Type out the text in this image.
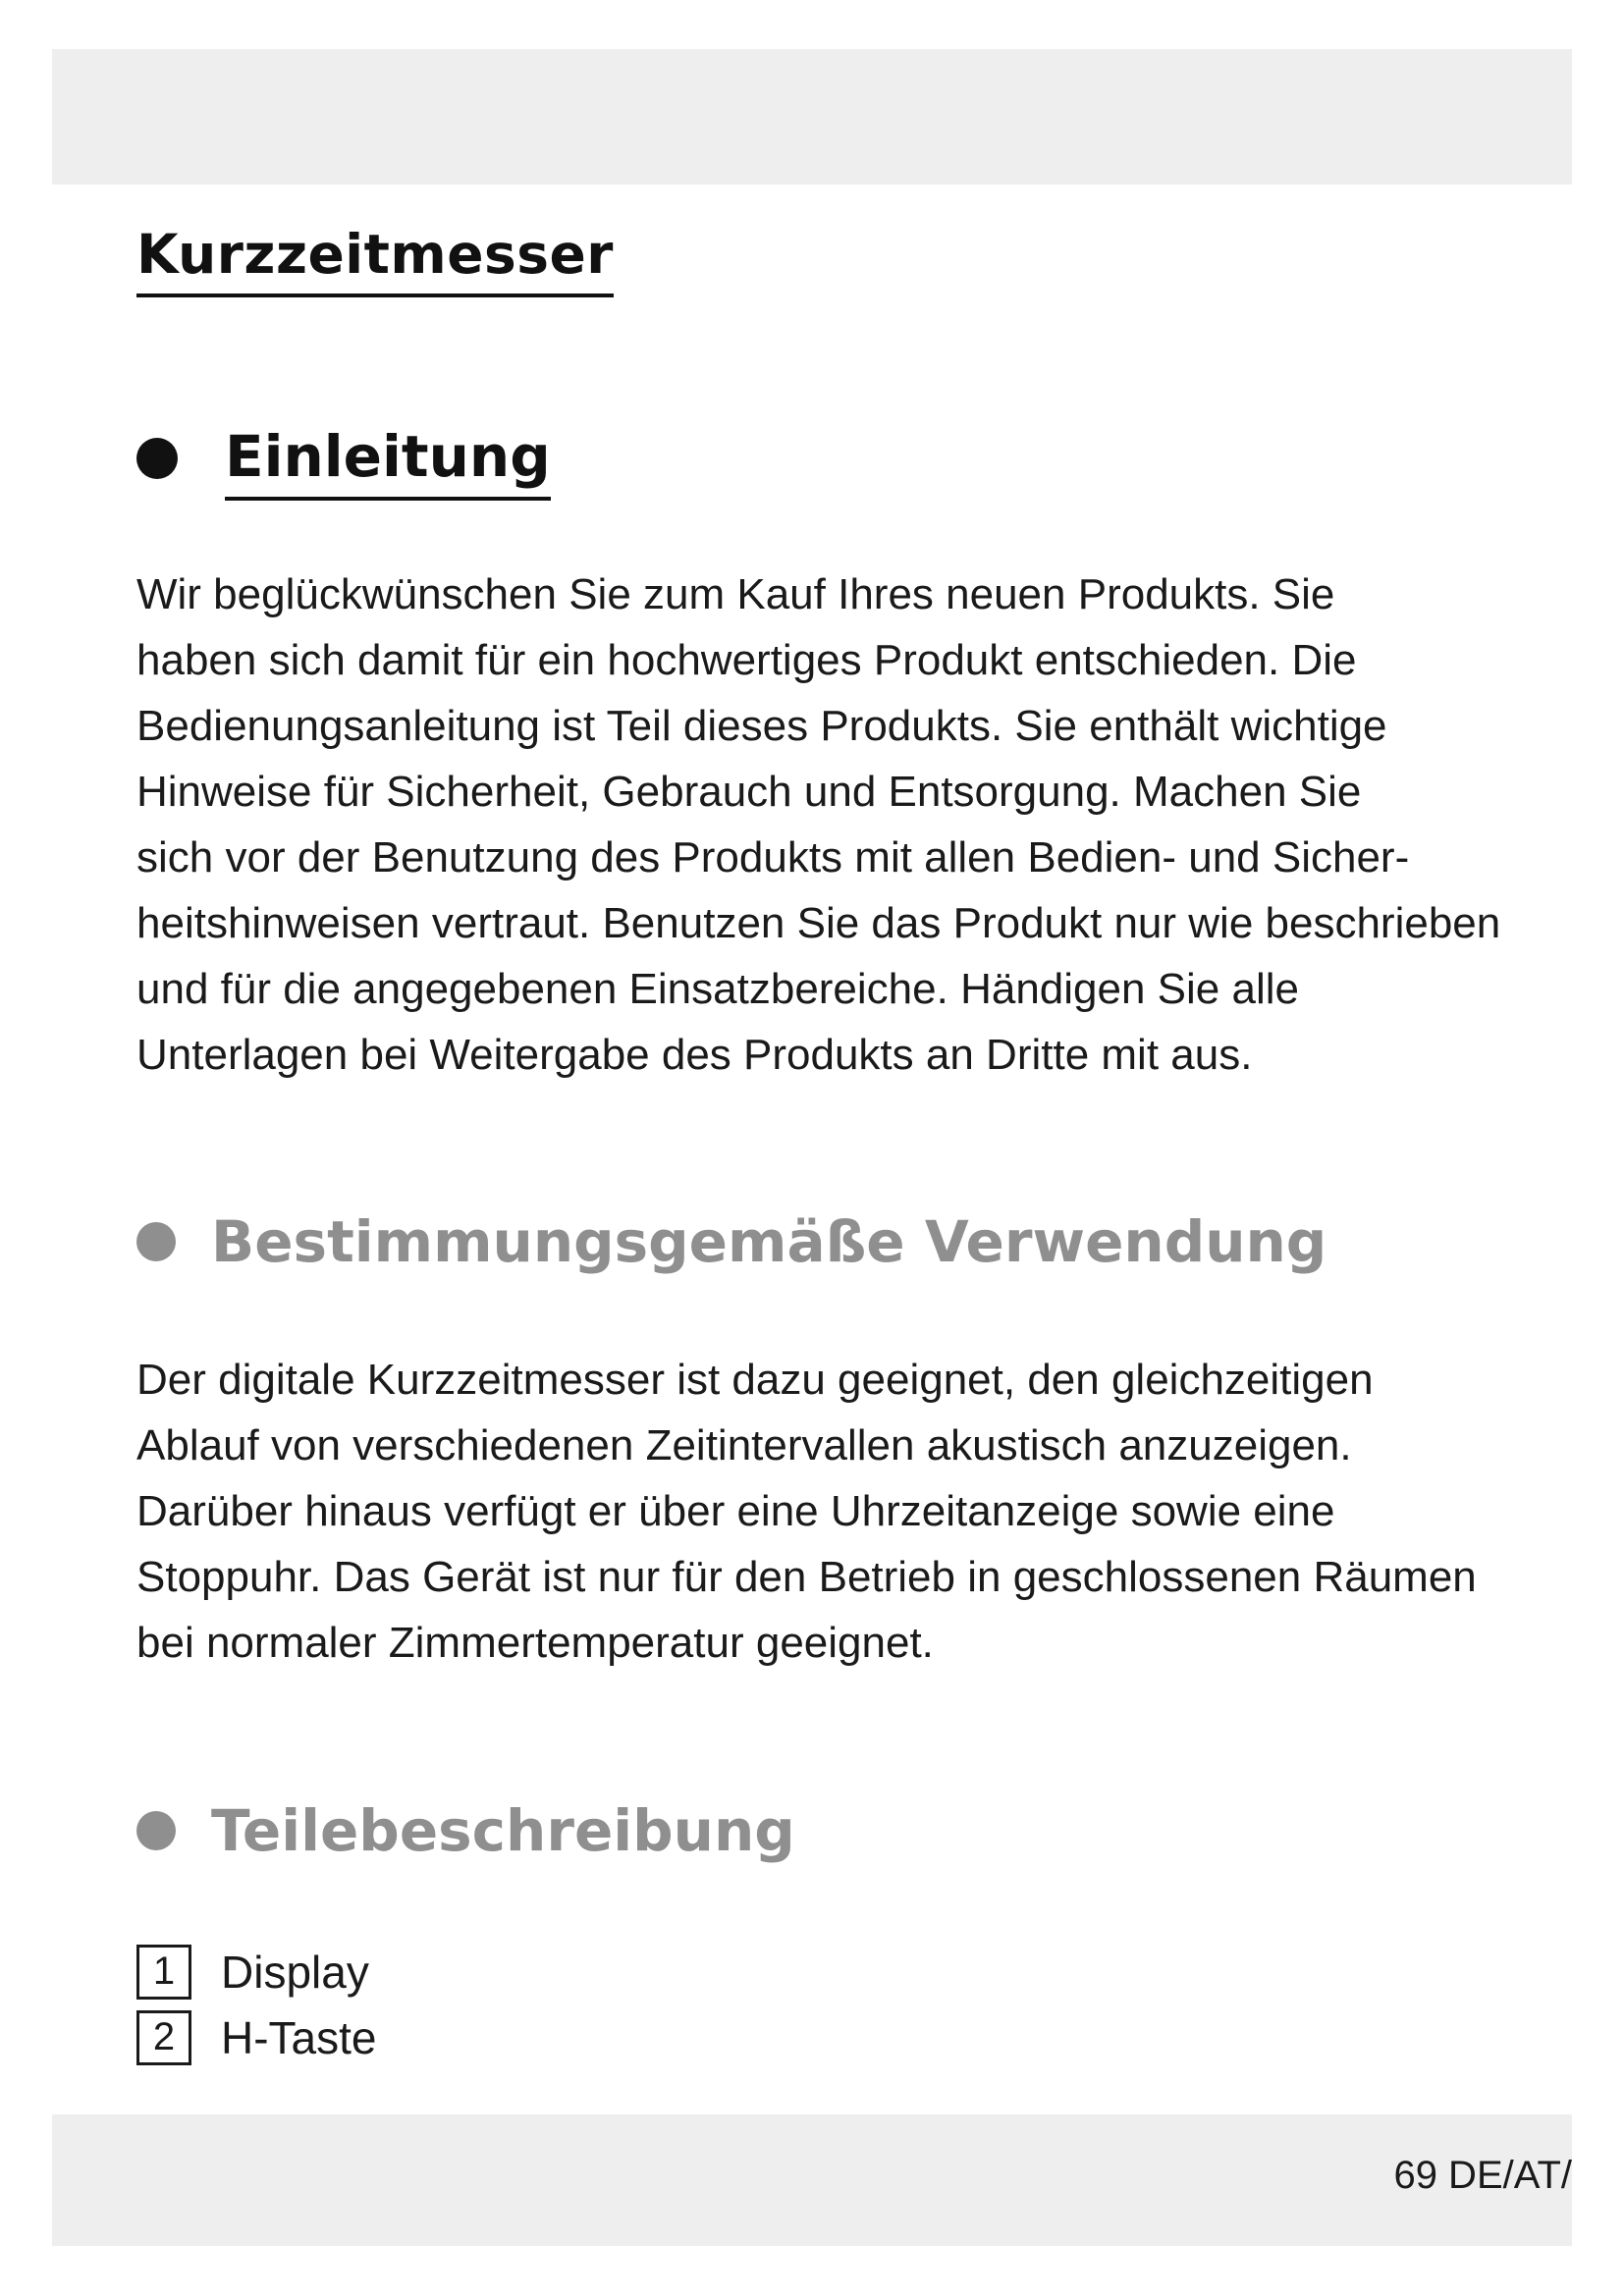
Kurzzeitmesser
Einleitung
Wir beglückwünschen Sie zum Kauf Ihres neuen Produkts. Sie
haben sich damit für ein hochwertiges Produkt entschieden. Die
Bedienungsanleitung ist Teil dieses Produkts. Sie enthält wichtige
Hinweise für Sicherheit, Gebrauch und Entsorgung. Machen Sie
sich vor der Benutzung des Produkts mit allen Bedien- und Sicher-
heitshinweisen vertraut. Benutzen Sie das Produkt nur wie beschrieben
und für die angegebenen Einsatzbereiche. Händigen Sie alle
Unterlagen bei Weitergabe des Produkts an Dritte mit aus.
Bestimmungsgemäße Verwendung
Der digitale Kurzzeitmesser ist dazu geeignet, den gleichzeitigen
Ablauf von verschiedenen Zeitintervallen akustisch anzuzeigen.
Darüber hinaus verfügt er über eine Uhrzeitanzeige sowie eine
Stoppuhr. Das Gerät ist nur für den Betrieb in geschlossenen Räumen
bei normaler Zimmertemperatur geeignet.
Teilebeschreibung
1	Display
2	H-Taste
69 DE/AT/
